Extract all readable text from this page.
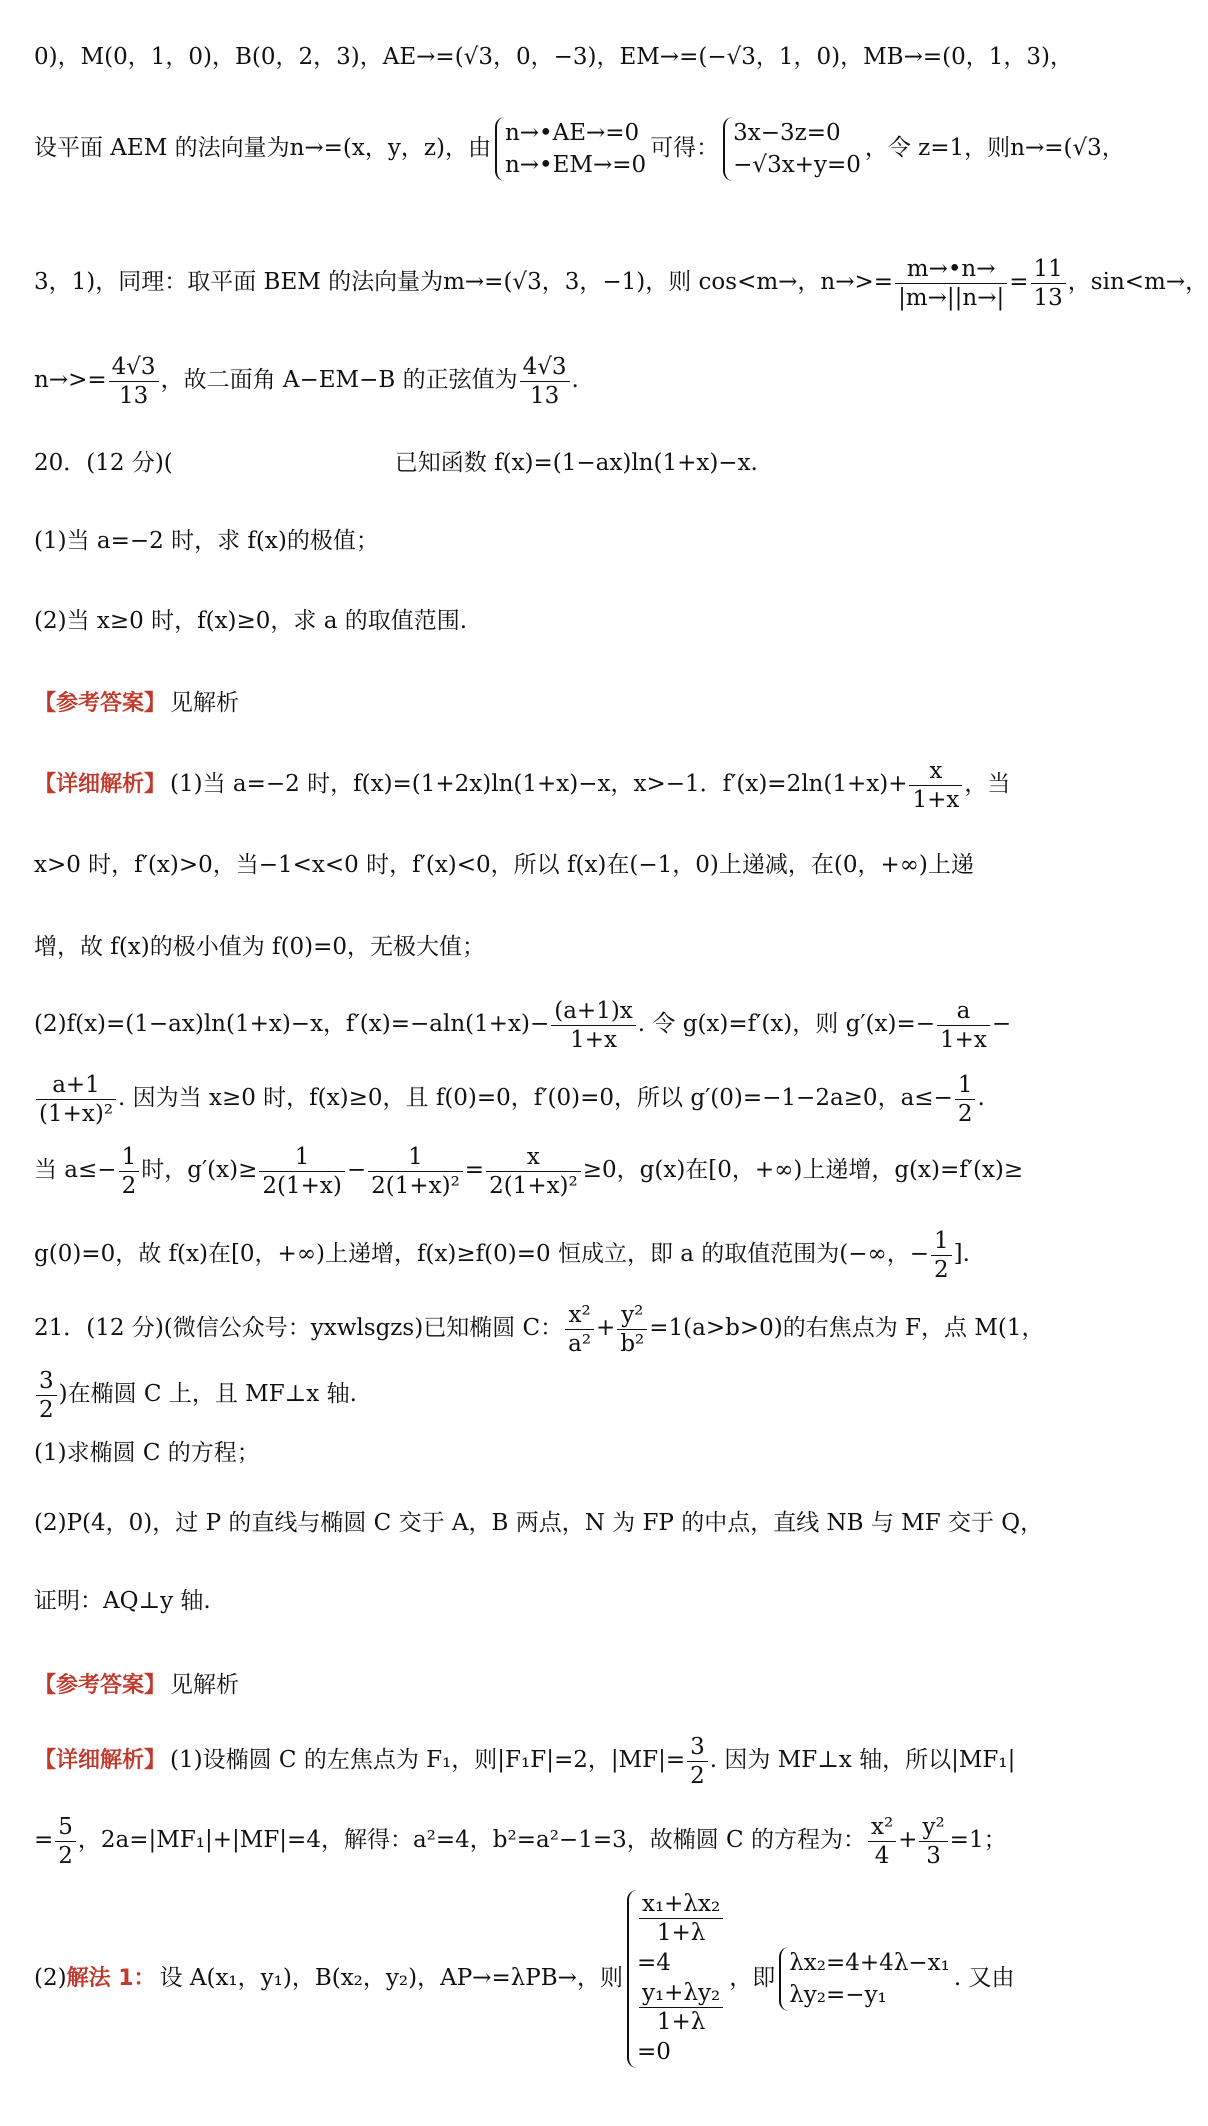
0)，M(0，1，0)，B(0，2，3)，AE→=(√3，0，−3)，EM→=(−√3，1，0)，MB→=(0，1，3)，
设平面 AEM 的法向量为n→=(x，y，z)，由
n→•AE→=0
n→•EM→=0
可得：
3x−3z=0
−√3x+y=0
，令 z=1，则n→=(√3，
3，1)，同理：取平面 BEM 的法向量为m→=(√3，3，−1)，则 cos<m→，$n\to>= \frac{m\to•n\to}{|m\to||n\to|} = \frac{11}{13}$ ，sin<m→，
$n\to>= \frac{4√3}{13}$ ，故二面角 A−EM−B 的正弦值为 $\frac{4√3}{13}$ .
20．(12 分)(	已知函数 f(x)=(1−ax)ln(1+x)−x.
(1)当 a=−2 时，求 f(x)的极值；
(2)当 x≥0 时，f(x)≥0，求 a 的取值范围.
【参考答案】 见解析
【详细解析】 (1)当 a=−2 时，f(x)=(1+2x)ln(1+x)−x，x>−1．$f'(x)=2\ln(1+x)+ \frac{x}{1+x}$ ，当
x>0 时，f′(x)>0，当−1<x<0 时，f′(x)<0，所以 f(x)在(−1，0)上递减，在(0，+∞)上递
增，故 f(x)的极小值为 f(0)=0，无极大值；
(2)f(x)=(1−ax)ln(1+x)−x，$f'(x)=-aln(1+x)- \frac{(a+1)x}{1+x}$ . 令 g(x)=f′(x)，则 $g'(x)=- \frac{a}{1+x}$ −
$\frac{a+1}{\text{(1+x)²}}$ . 因为当 x≥0 时，f(x)≥0，且 f(0)=0，f′(0)=0，所以 g′(0)=−1−2a≥0，$a\le- \frac{1}{2}$ .
当 $a\le- \frac{1}{2}$ 时，$g'(x)\ge \frac{1}{2(1+x)} - \frac{1}{\text{2(1+x)²}} = \frac{x}{\text{2(1+x)²}} \ge 0$，g(x)在[0，+∞)上递增，g(x)=f′(x)≥
g(0)=0，故 f(x)在[0，+∞)上递增，f(x)≥f(0)=0 恒成立，即 a 的取值范围为(−∞，− $\frac{1}{2}$ ].
21．(12 分)(微信公众号：yxwlsgzs)已知椭圆 C： $\frac{\text{x²}}{\text{a²}} + \frac{\text{y²}}{\text{b²}} =1(a>b>0)$的右焦点为 F，点 M(1，
$\frac{3}{2}$ )在椭圆 C 上，且 MF⊥x 轴.
(1)求椭圆 C 的方程；
(2)P(4，0)，过 P 的直线与椭圆 C 交于 A，B 两点，N 为 FP 的中点，直线 NB 与 MF 交于 Q，
证明：AQ⊥y 轴.
【参考答案】 见解析
【详细解析】 (1)设椭圆 C 的左焦点为 F₁，则|F₁F|=2，$|MF|= \frac{3}{2}$ . 因为 MF⊥x 轴，所以|MF₁|
= $\frac{5}{2}$ ，2a=|MF₁|+|MF|=4，解得：a²=4，b²=a²−1=3，故椭圆 C 的方程为： $\frac{\text{x²}}{4} + \frac{\text{y²}}{3} =1$；
(2)解法 1： 设 A(x₁，y₁)，B(x₂，y₂)，AP→=λPB→，则
x₁+λx₂
1+λ
=4
y₁+λy₂
1+λ
=0
，即
λx₂=4+4λ−x₁
λy₂=−y₁
. 又由
